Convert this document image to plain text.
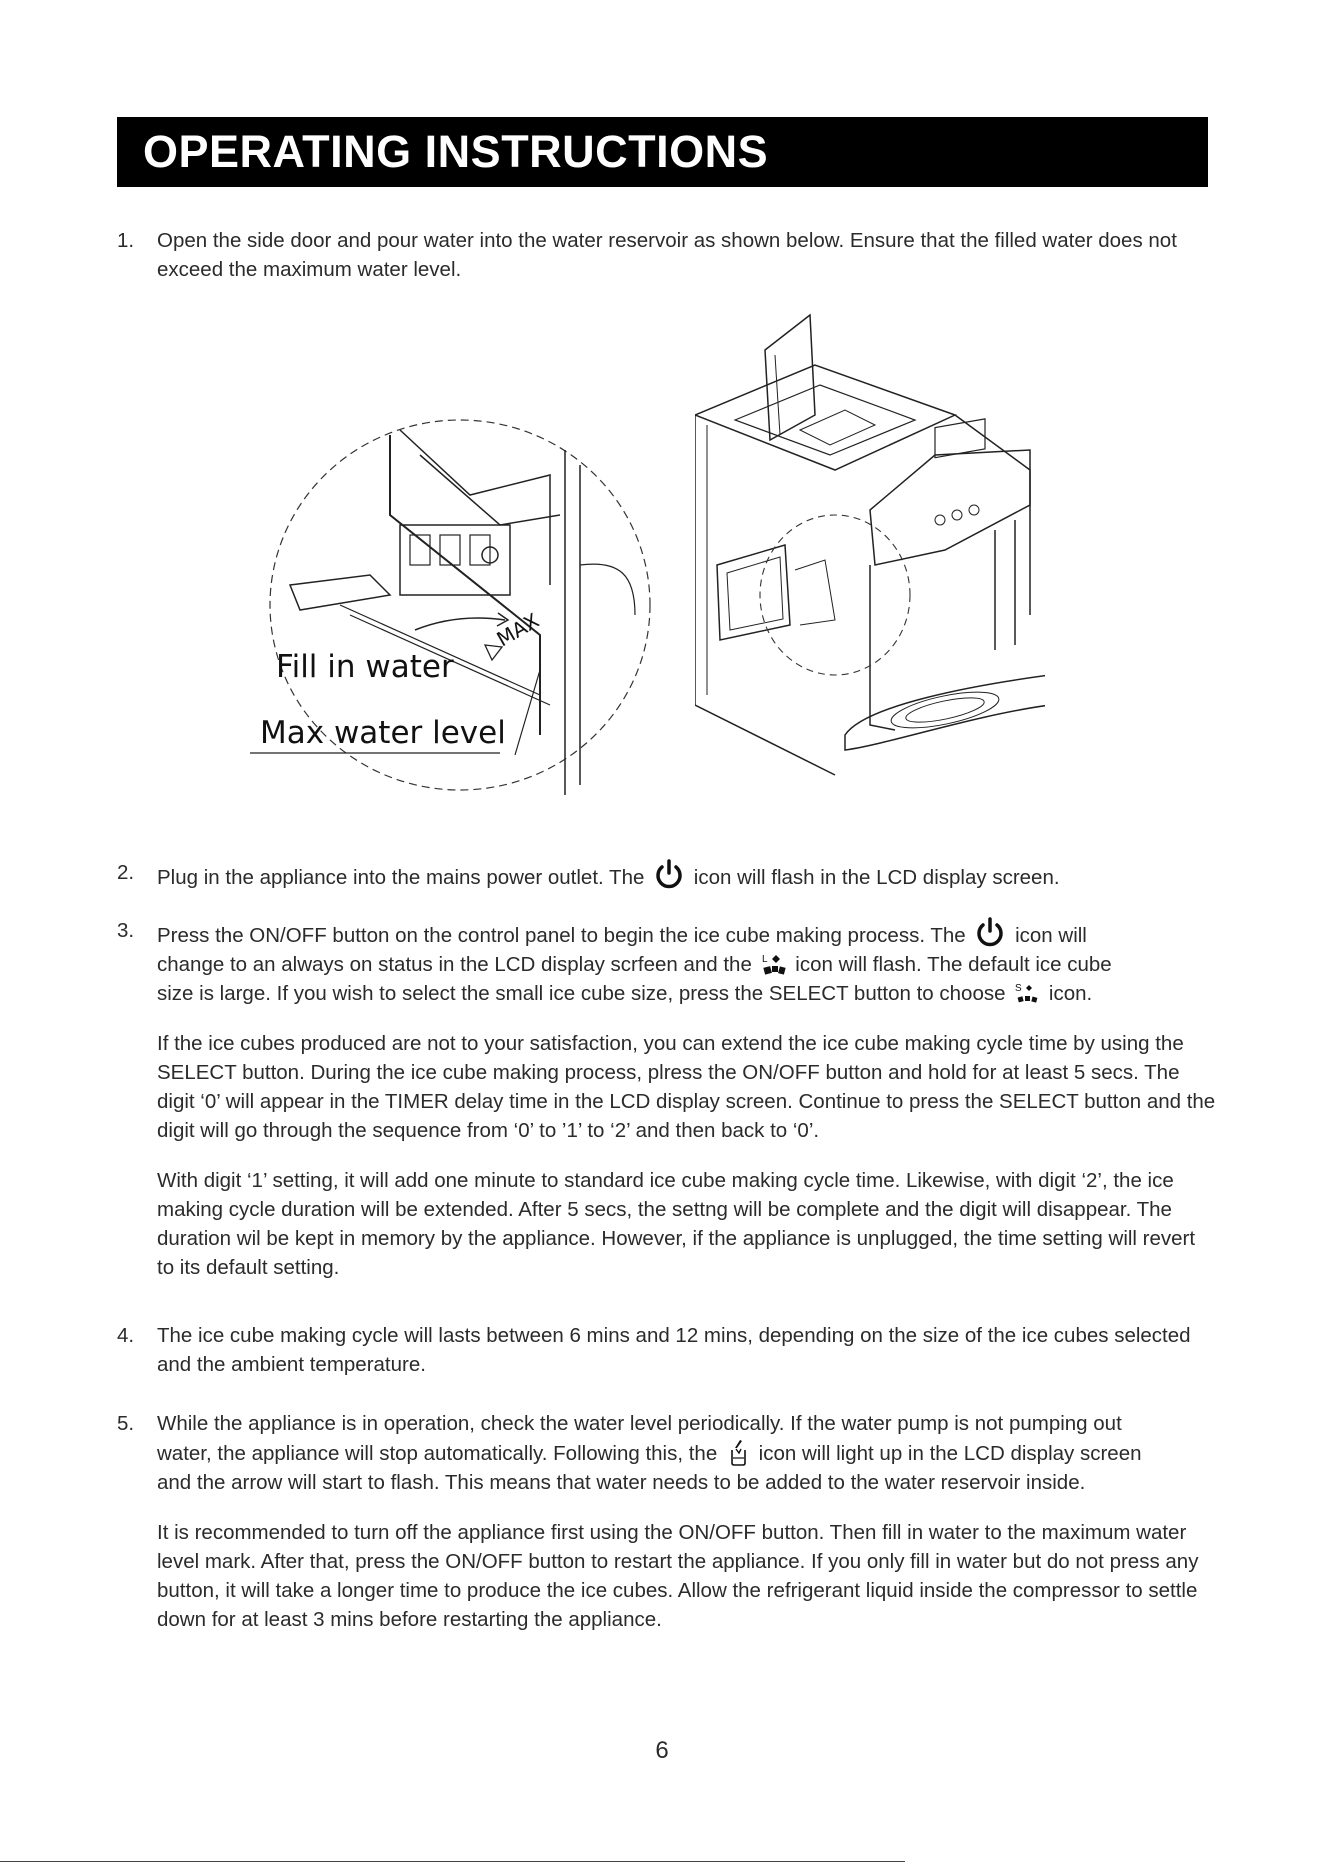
OPERATING INSTRUCTIONS
1. Open the side door and pour water into the water reservoir as shown below. Ensure that the filled water does not exceed the maximum water level.

MAX
Fill in water
Max water level
2. Plug in the appliance into the mains power outlet. The icon will flash in the LCD display screen.
3. Press the ON/OFF button on the control panel to begin the ice cube making process. The icon will
change to an always on status in the LCD display scrfeen and the L icon will flash. The default ice cube
size is large. If you wish to select the small ice cube size, press the SELECT button to choose S icon.

If the ice cubes produced are not to your satisfaction, you can extend the ice cube making cycle time by using the SELECT button. During the ice cube making process, plress the ON/OFF button and hold for at least 5 secs. The digit ‘0’ will appear in the TIMER delay time in the LCD display screen. Continue to press the SELECT button and the digit will go through the sequence from ‘0’ to ’1’ to ‘2’ and then back to ‘0’.

With digit ‘1’ setting, it will add one minute to standard ice cube making cycle time. Likewise, with digit ‘2’, the ice making cycle duration will be extended. After 5 secs, the settng will be complete and the digit will disappear. The duration wil be kept in memory by the appliance. However, if the appliance is unplugged, the time setting will revert to its default setting.

4. The ice cube making cycle will lasts between 6 mins and 12 mins, depending on the size of the ice cubes selected and the ambient temperature.

5. While the appliance is in operation, check the water level periodically. If the water pump is not pumping out
water, the appliance will stop automatically. Following this, the icon will light up in the LCD display screen
and the arrow will start to flash. This means that water needs to be added to the water reservoir inside.

It is recommended to turn off the appliance first using the ON/OFF button. Then fill in water to the maximum water level mark. After that, press the ON/OFF button to restart the appliance. If you only fill in water but do not press any button, it will take a longer time to produce the ice cubes. Allow the refrigerant liquid inside the compressor to settle down for at least 3 mins before restarting the appliance.

6
